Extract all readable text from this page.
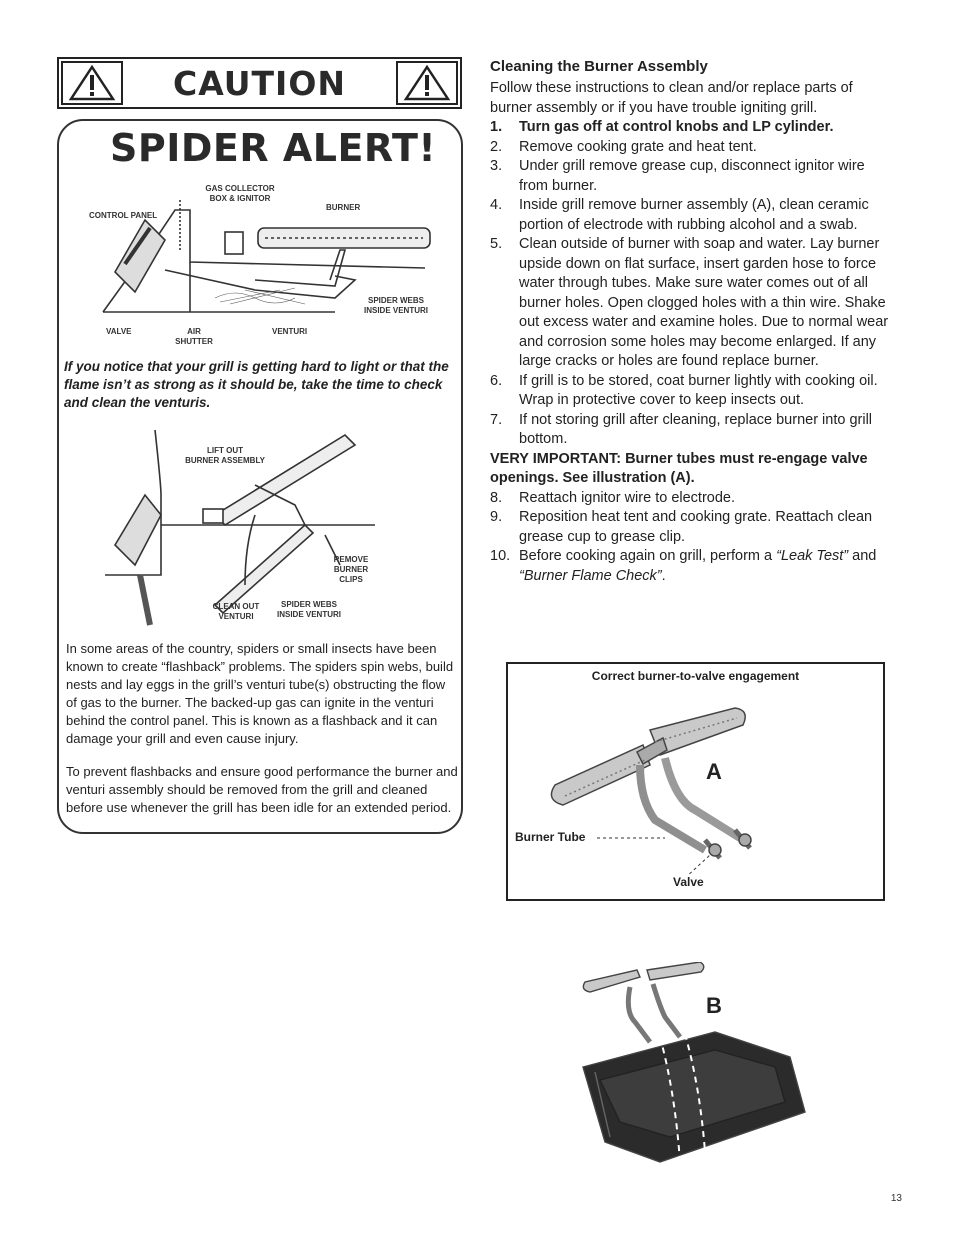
CAUTION
SPIDER ALERT!
GAS COLLECTOR
BOX & IGNITOR
CONTROL PANEL
BURNER
VALVE	AIR
SHUTTER
VENTURI
SPIDER WEBS
INSIDE VENTURI
If you notice that your grill is getting hard to light or that the flame isn’t as strong as it should be, take the time to check and clean the venturis.
LIFT OUT
BURNER ASSEMBLY
REMOVE
BURNER
CLIPS
CLEAN OUT
VENTURI
SPIDER WEBS
INSIDE VENTURI
In some areas of the country, spiders or small insects have been known to create “flashback” problems. The spiders spin webs, build nests and lay eggs in the grill’s venturi tube(s) obstructing the flow of gas to the burner. The backed-up gas can ignite in the venturi behind the control panel. This is known as a flashback and it can damage your grill and even cause injury.
To prevent flashbacks and ensure good performance the burner and venturi assembly should be removed from the grill and cleaned before use whenever the grill has been idle for an extended period.
Cleaning the Burner Assembly
Follow these instructions to clean and/or replace parts of burner assembly or if you have trouble igniting grill.
1. Turn gas off at control knobs and LP cylinder.
2. Remove cooking grate and heat tent.
3. Under grill remove grease cup, disconnect ignitor wire from burner.
4. Inside grill remove burner assembly (A), clean ceramic portion of electrode with rubbing alcohol and a swab.
5. Clean outside of burner with soap and water. Lay burner upside down on flat surface, insert garden hose to force water through tubes. Make sure water comes out of all burner holes. Open clogged holes with a thin wire. Shake out excess water and examine holes. Due to normal wear and corrosion some holes may become enlarged. If any large cracks or holes are found replace burner.
6. If grill is to be stored, coat burner lightly with cooking oil. Wrap in protective cover to keep insects out.
7. If not storing grill after cleaning, replace burner into grill bottom.
VERY IMPORTANT: Burner tubes must re-engage valve openings. See illustration (A).
8. Reattach ignitor wire to electrode.
9. Reposition heat tent and cooking grate. Reattach clean grease cup to grease clip.
10. Before cooking again on grill, perform a “Leak Test” and “Burner Flame Check”.
Correct burner-to-valve engagement
A
Burner Tube
Valve
B
13
